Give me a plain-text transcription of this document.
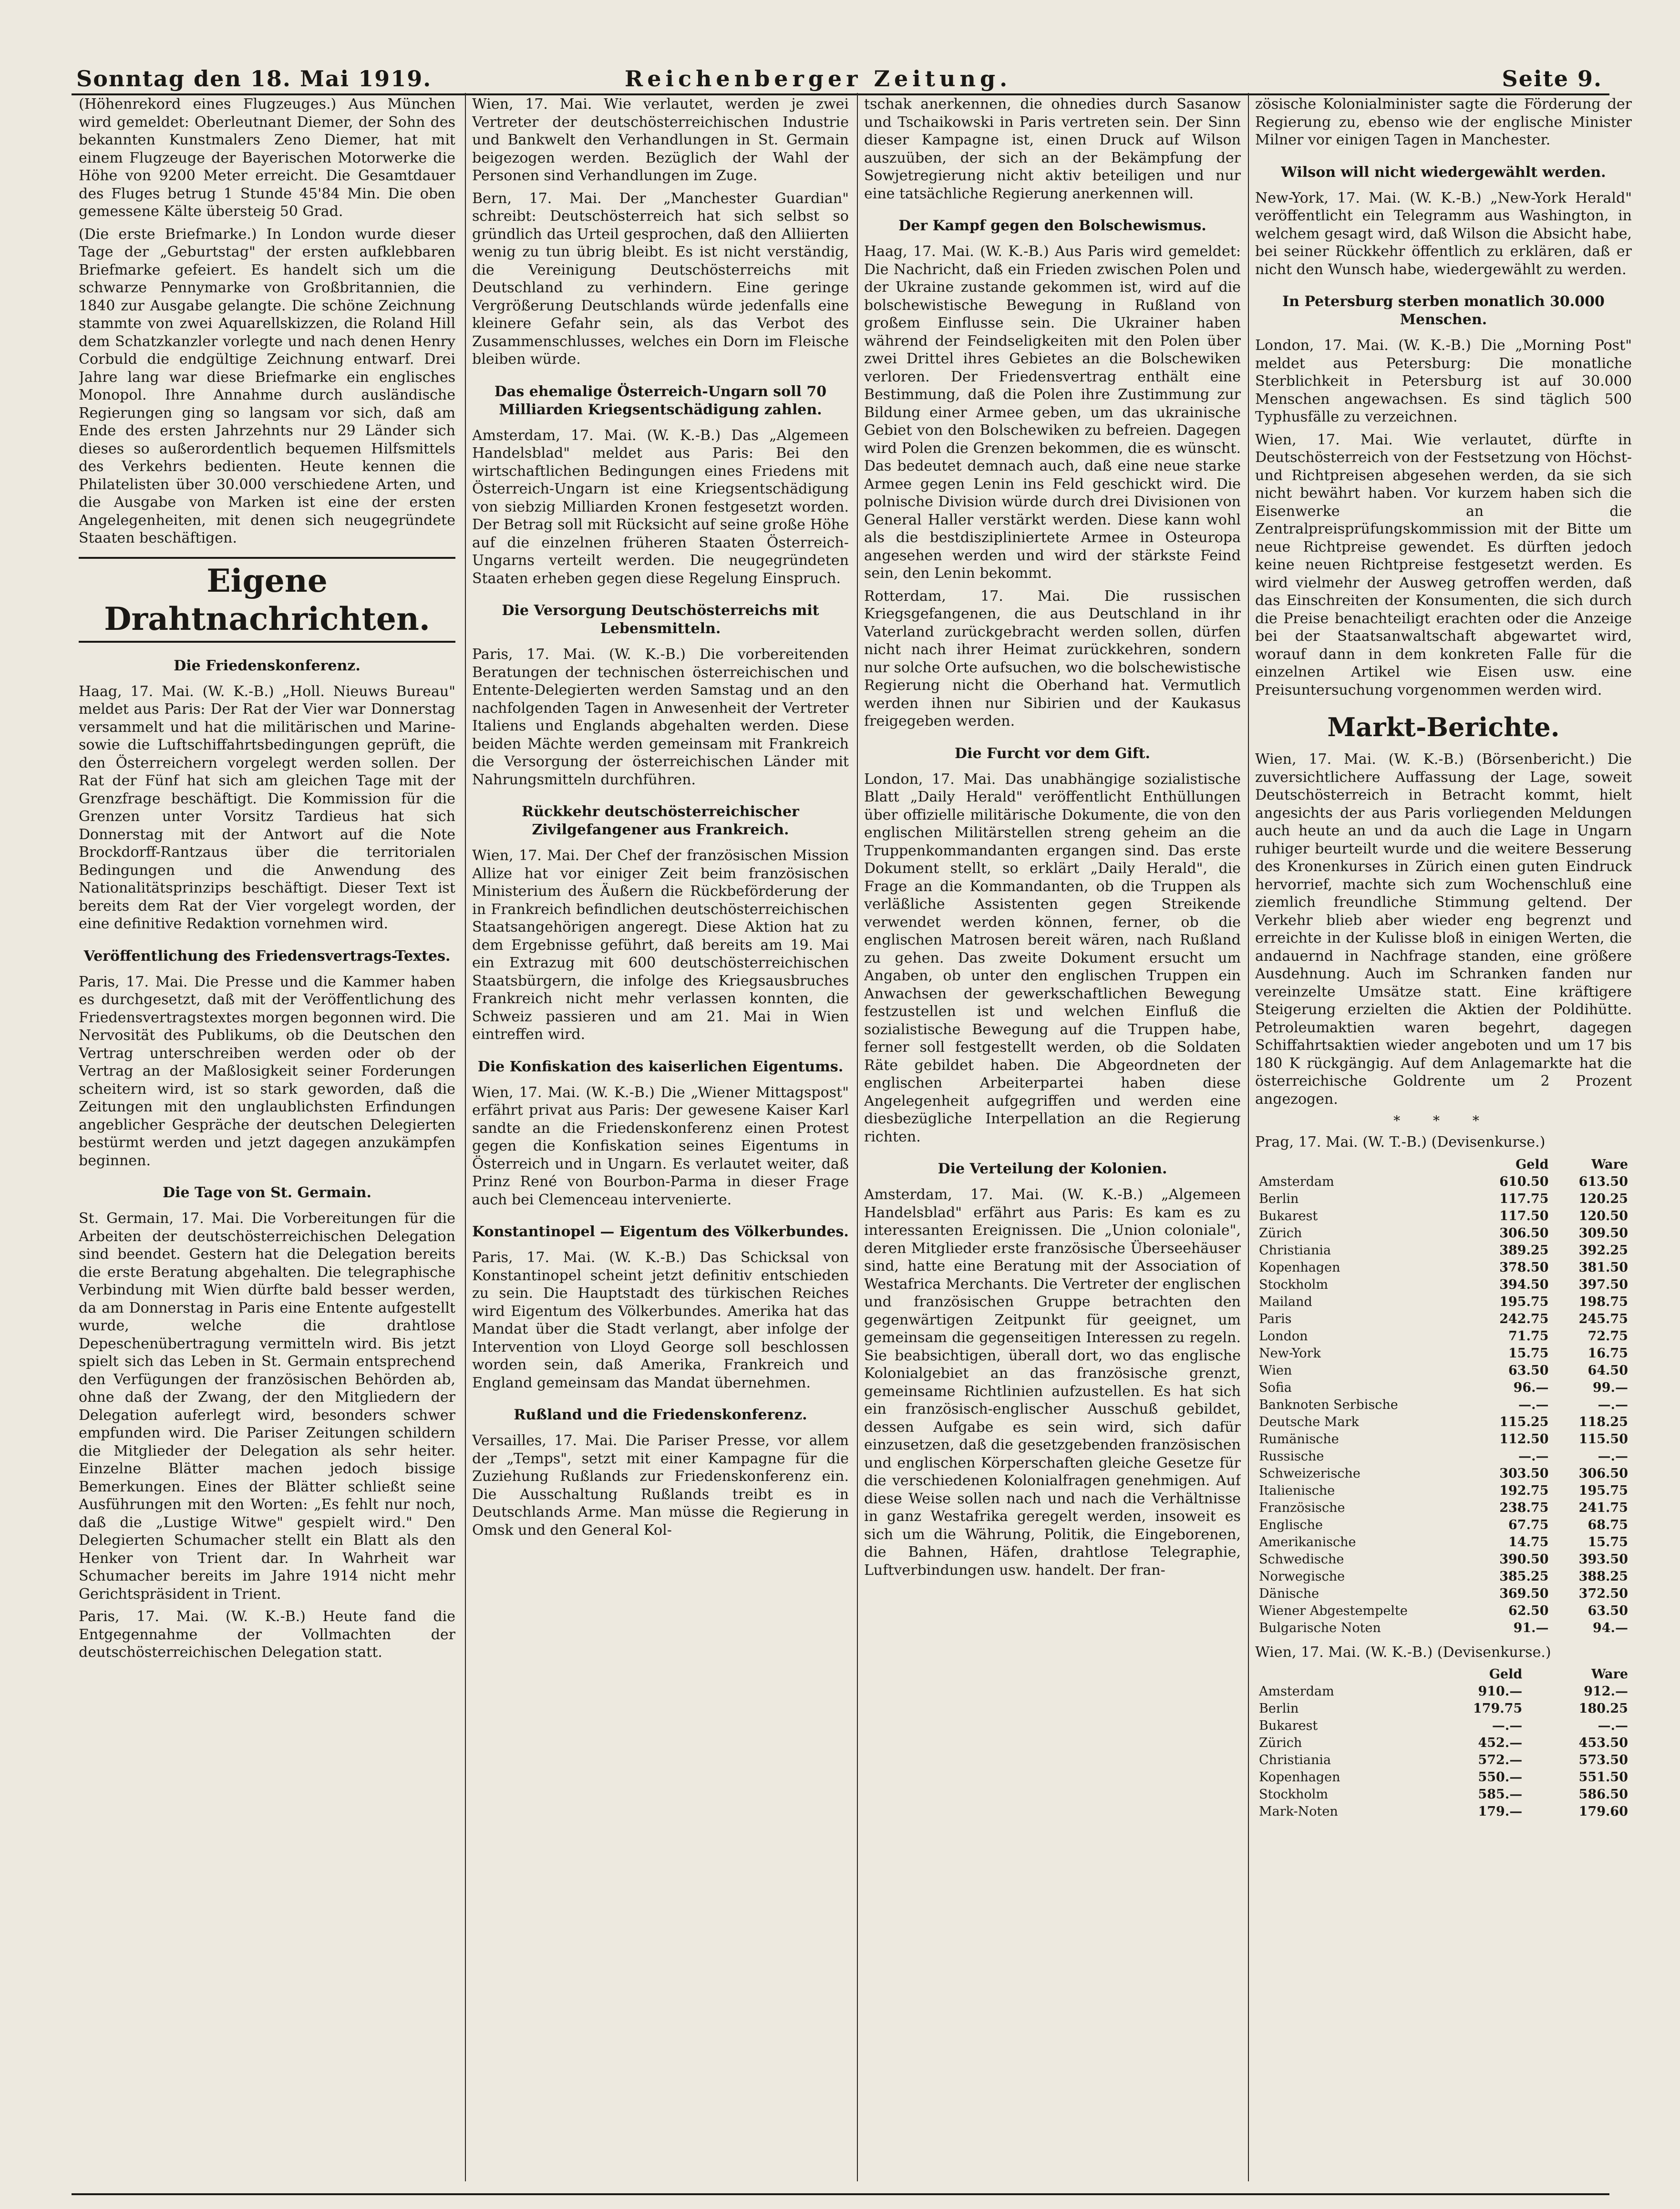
Sonntag den 18. Mai 1919.	Reichenberger Zeitung.	Seite 9.

(Höhenrekord eines Flugzeuges.) Aus München wird gemeldet: Oberleutnant Diemer, der Sohn des bekannten Kunstmalers Zeno Diemer, hat mit einem Flugzeuge der Bayerischen Motorwerke die Höhe von 9200 Meter erreicht. Die Gesamtdauer des Fluges betrug 1 Stunde 45'84 Min. Die oben gemessene Kälte übersteig 50 Grad.

(Die erste Briefmarke.) In London wurde dieser Tage der „Geburtstag" der ersten aufklebbaren Briefmarke gefeiert. Es handelt sich um die schwarze Pennymarke von Großbritannien, die 1840 zur Ausgabe gelangte. Die schöne Zeichnung stammte von zwei Aquarellskizzen, die Roland Hill dem Schatzkanzler vorlegte und nach denen Henry Corbuld die endgültige Zeichnung entwarf. Drei Jahre lang war diese Briefmarke ein englisches Monopol. Ihre Annahme durch ausländische Regierungen ging so langsam vor sich, daß am Ende des ersten Jahrzehnts nur 29 Länder sich dieses so außerordentlich bequemen Hilfsmittels des Verkehrs bedienten. Heute kennen die Philatelisten über 30.000 verschiedene Arten, und die Ausgabe von Marken ist eine der ersten Angelegenheiten, mit denen sich neugegründete Staaten beschäftigen.

Eigene Drahtnachrichten.
Die Friedenskonferenz.

Haag, 17. Mai. (W. K.-B.) „Holl. Nieuws Bureau" meldet aus Paris: Der Rat der Vier war Donnerstag versammelt und hat die militärischen und Marine- sowie die Luftschiffahrtsbedingungen geprüft, die den Österreichern vorgelegt werden sollen. Der Rat der Fünf hat sich am gleichen Tage mit der Grenzfrage beschäftigt. Die Kommission für die Grenzen unter Vorsitz Tardieus hat sich Donnerstag mit der Antwort auf die Note Brockdorff-Rantzaus über die territorialen Bedingungen und die Anwendung des Nationalitätsprinzips beschäftigt. Dieser Text ist bereits dem Rat der Vier vorgelegt worden, der eine definitive Redaktion vornehmen wird.

Veröffentlichung des Friedensvertrags-Textes.

Paris, 17. Mai. Die Presse und die Kammer haben es durchgesetzt, daß mit der Veröffentlichung des Friedensvertragstextes morgen begonnen wird. Die Nervosität des Publikums, ob die Deutschen den Vertrag unterschreiben werden oder ob der Vertrag an der Maßlosigkeit seiner Forderungen scheitern wird, ist so stark geworden, daß die Zeitungen mit den unglaublichsten Erfindungen angeblicher Gespräche der deutschen Delegierten bestürmt werden und jetzt dagegen anzukämpfen beginnen.

Die Tage von St. Germain.

St. Germain, 17. Mai. Die Vorbereitungen für die Arbeiten der deutschösterreichischen Delegation sind beendet. Gestern hat die Delegation bereits die erste Beratung abgehalten. Die telegraphische Verbindung mit Wien dürfte bald besser werden, da am Donnerstag in Paris eine Entente aufgestellt wurde, welche die drahtlose Depeschenübertragung vermitteln wird. Bis jetzt spielt sich das Leben in St. Germain entsprechend den Verfügungen der französischen Behörden ab, ohne daß der Zwang, der den Mitgliedern der Delegation auferlegt wird, besonders schwer empfunden wird. Die Pariser Zeitungen schildern die Mitglieder der Delegation als sehr heiter. Einzelne Blätter machen jedoch bissige Bemerkungen. Eines der Blätter schließt seine Ausführungen mit den Worten: „Es fehlt nur noch, daß die „Lustige Witwe" gespielt wird." Den Delegierten Schumacher stellt ein Blatt als den Henker von Trient dar. In Wahrheit war Schumacher bereits im Jahre 1914 nicht mehr Gerichtspräsident in Trient.

Paris, 17. Mai. (W. K.-B.) Heute fand die Entgegennahme der Vollmachten der deutschösterreichischen Delegation statt.

Wien, 17. Mai. Wie verlautet, werden je zwei Vertreter der deutschösterreichischen Industrie und Bankwelt den Verhandlungen in St. Germain beigezogen werden. Bezüglich der Wahl der Personen sind Verhandlungen im Zuge.

Bern, 17. Mai. Der „Manchester Guardian" schreibt: Deutschösterreich hat sich selbst so gründlich das Urteil gesprochen, daß den Alliierten wenig zu tun übrig bleibt. Es ist nicht verständig, die Vereinigung Deutschösterreichs mit Deutschland zu verhindern. Eine geringe Vergrößerung Deutschlands würde jedenfalls eine kleinere Gefahr sein, als das Verbot des Zusammenschlusses, welches ein Dorn im Fleische bleiben würde.

Das ehemalige Österreich-Ungarn soll 70 Milliarden Kriegsentschädigung zahlen.

Amsterdam, 17. Mai. (W. K.-B.) Das „Algemeen Handelsblad" meldet aus Paris: Bei den wirtschaftlichen Bedingungen eines Friedens mit Österreich-Ungarn ist eine Kriegsentschädigung von siebzig Milliarden Kronen festgesetzt worden. Der Betrag soll mit Rücksicht auf seine große Höhe auf die einzelnen früheren Staaten Österreich-Ungarns verteilt werden. Die neugegründeten Staaten erheben gegen diese Regelung Einspruch.

Die Versorgung Deutschösterreichs mit Lebensmitteln.

Paris, 17. Mai. (W. K.-B.) Die vorbereitenden Beratungen der technischen österreichischen und Entente-Delegierten werden Samstag und an den nachfolgenden Tagen in Anwesenheit der Vertreter Italiens und Englands abgehalten werden. Diese beiden Mächte werden gemeinsam mit Frankreich die Versorgung der österreichischen Länder mit Nahrungsmitteln durchführen.

Rückkehr deutschösterreichischer Zivilgefangener aus Frankreich.

Wien, 17. Mai. Der Chef der französischen Mission Allize hat vor einiger Zeit beim französischen Ministerium des Äußern die Rückbeförderung der in Frankreich befindlichen deutschösterreichischen Staatsangehörigen angeregt. Diese Aktion hat zu dem Ergebnisse geführt, daß bereits am 19. Mai ein Extrazug mit 600 deutschösterreichischen Staatsbürgern, die infolge des Kriegsausbruches Frankreich nicht mehr verlassen konnten, die Schweiz passieren und am 21. Mai in Wien eintreffen wird.

Die Konfiskation des kaiserlichen Eigentums.

Wien, 17. Mai. (W. K.-B.) Die „Wiener Mittagspost" erfährt privat aus Paris: Der gewesene Kaiser Karl sandte an die Friedenskonferenz einen Protest gegen die Konfiskation seines Eigentums in Österreich und in Ungarn. Es verlautet weiter, daß Prinz René von Bourbon-Parma in dieser Frage auch bei Clemenceau intervenierte.

Konstantinopel — Eigentum des Völkerbundes.

Paris, 17. Mai. (W. K.-B.) Das Schicksal von Konstantinopel scheint jetzt definitiv entschieden zu sein. Die Hauptstadt des türkischen Reiches wird Eigentum des Völkerbundes. Amerika hat das Mandat über die Stadt verlangt, aber infolge der Intervention von Lloyd George soll beschlossen worden sein, daß Amerika, Frankreich und England gemeinsam das Mandat übernehmen.

Rußland und die Friedenskonferenz.

Versailles, 17. Mai. Die Pariser Presse, vor allem der „Temps", setzt mit einer Kampagne für die Zuziehung Rußlands zur Friedenskonferenz ein. Die Ausschaltung Rußlands treibt es in Deutschlands Arme. Man müsse die Regierung in Omsk und den General Kol-

tschak anerkennen, die ohnedies durch Sasanow und Tschaikowski in Paris vertreten sein. Der Sinn dieser Kampagne ist, einen Druck auf Wilson auszuüben, der sich an der Bekämpfung der Sowjetregierung nicht aktiv beteiligen und nur eine tatsächliche Regierung anerkennen will.

Der Kampf gegen den Bolschewismus.

Haag, 17. Mai. (W. K.-B.) Aus Paris wird gemeldet: Die Nachricht, daß ein Frieden zwischen Polen und der Ukraine zustande gekommen ist, wird auf die bolschewistische Bewegung in Rußland von großem Einflusse sein. Die Ukrainer haben während der Feindseligkeiten mit den Polen über zwei Drittel ihres Gebietes an die Bolschewiken verloren. Der Friedensvertrag enthält eine Bestimmung, daß die Polen ihre Zustimmung zur Bildung einer Armee geben, um das ukrainische Gebiet von den Bolschewiken zu befreien. Dagegen wird Polen die Grenzen bekommen, die es wünscht. Das bedeutet demnach auch, daß eine neue starke Armee gegen Lenin ins Feld geschickt wird. Die polnische Division würde durch drei Divisionen von General Haller verstärkt werden. Diese kann wohl als die bestdiszipliniertete Armee in Osteuropa angesehen werden und wird der stärkste Feind sein, den Lenin bekommt.

Rotterdam, 17. Mai. Die russischen Kriegsgefangenen, die aus Deutschland in ihr Vaterland zurückgebracht werden sollen, dürfen nicht nach ihrer Heimat zurückkehren, sondern nur solche Orte aufsuchen, wo die bolschewistische Regierung nicht die Oberhand hat. Vermutlich werden ihnen nur Sibirien und der Kaukasus freigegeben werden.

Die Furcht vor dem Gift.

London, 17. Mai. Das unabhängige sozialistische Blatt „Daily Herald" veröffentlicht Enthüllungen über offizielle militärische Dokumente, die von den englischen Militärstellen streng geheim an die Truppenkommandanten ergangen sind. Das erste Dokument stellt, so erklärt „Daily Herald", die Frage an die Kommandanten, ob die Truppen als verläßliche Assistenten gegen Streikende verwendet werden können, ferner, ob die englischen Matrosen bereit wären, nach Rußland zu gehen. Das zweite Dokument ersucht um Angaben, ob unter den englischen Truppen ein Anwachsen der gewerkschaftlichen Bewegung festzustellen ist und welchen Einfluß die sozialistische Bewegung auf die Truppen habe, ferner soll festgestellt werden, ob die Soldaten Räte gebildet haben. Die Abgeordneten der englischen Arbeiterpartei haben diese Angelegenheit aufgegriffen und werden eine diesbezügliche Interpellation an die Regierung richten.

Die Verteilung der Kolonien.

Amsterdam, 17. Mai. (W. K.-B.) „Algemeen Handelsblad" erfährt aus Paris: Es kam es zu interessanten Ereignissen. Die „Union coloniale", deren Mitglieder erste französische Überseehäuser sind, hatte eine Beratung mit der Association of Westafrica Merchants. Die Vertreter der englischen und französischen Gruppe betrachten den gegenwärtigen Zeitpunkt für geeignet, um gemeinsam die gegenseitigen Interessen zu regeln. Sie beabsichtigen, überall dort, wo das englische Kolonialgebiet an das französische grenzt, gemeinsame Richtlinien aufzustellen. Es hat sich ein französisch-englischer Ausschuß gebildet, dessen Aufgabe es sein wird, sich dafür einzusetzen, daß die gesetzgebenden französischen und englischen Körperschaften gleiche Gesetze für die verschiedenen Kolonialfragen genehmigen. Auf diese Weise sollen nach und nach die Verhältnisse in ganz Westafrika geregelt werden, insoweit es sich um die Währung, Politik, die Eingeborenen, die Bahnen, Häfen, drahtlose Telegraphie, Luftverbindungen usw. handelt. Der fran-

zösische Kolonialminister sagte die Förderung der Regierung zu, ebenso wie der englische Minister Milner vor einigen Tagen in Manchester.

Wilson will nicht wiedergewählt werden.

New-York, 17. Mai. (W. K.-B.) „New-York Herald" veröffentlicht ein Telegramm aus Washington, in welchem gesagt wird, daß Wilson die Absicht habe, bei seiner Rückkehr öffentlich zu erklären, daß er nicht den Wunsch habe, wiedergewählt zu werden.

In Petersburg sterben monatlich 30.000 Menschen.

London, 17. Mai. (W. K.-B.) Die „Morning Post" meldet aus Petersburg: Die monatliche Sterblichkeit in Petersburg ist auf 30.000 Menschen angewachsen. Es sind täglich 500 Typhusfälle zu verzeichnen.

Wien, 17. Mai. Wie verlautet, dürfte in Deutschösterreich von der Festsetzung von Höchst- und Richtpreisen abgesehen werden, da sie sich nicht bewährt haben. Vor kurzem haben sich die Eisenwerke an die Zentralpreisprüfungskommission mit der Bitte um neue Richtpreise gewendet. Es dürften jedoch keine neuen Richtpreise festgesetzt werden. Es wird vielmehr der Ausweg getroffen werden, daß das Einschreiten der Konsumenten, die sich durch die Preise benachteiligt erachten oder die Anzeige bei der Staatsanwaltschaft abgewartet wird, worauf dann in dem konkreten Falle für die einzelnen Artikel wie Eisen usw. eine Preisuntersuchung vorgenommen werden wird.

Markt-Berichte.

Wien, 17. Mai. (W. K.-B.) (Börsenbericht.) Die zuversichtlichere Auffassung der Lage, soweit Deutschösterreich in Betracht kommt, hielt angesichts der aus Paris vorliegenden Meldungen auch heute an und da auch die Lage in Ungarn ruhiger beurteilt wurde und die weitere Besserung des Kronenkurses in Zürich einen guten Eindruck hervorrief, machte sich zum Wochenschluß eine ziemlich freundliche Stimmung geltend. Der Verkehr blieb aber wieder eng begrenzt und erreichte in der Kulisse bloß in einigen Werten, die andauernd in Nachfrage standen, eine größere Ausdehnung. Auch im Schranken fanden nur vereinzelte Umsätze statt. Eine kräftigere Steigerung erzielten die Aktien der Poldihütte. Petroleumaktien waren begehrt, dagegen Schiffahrtsaktien wieder angeboten und um 17 bis 180 K rückgängig. Auf dem Anlagemarkte hat die österreichische Goldrente um 2 Prozent angezogen.

* * *

Prag, 17. Mai. (W. T.-B.) (Devisenkurse.)

	Geld	Ware
Amsterdam	610.50	613.50
Berlin	117.75	120.25
Bukarest	117.50	120.50
Zürich	306.50	309.50
Christiania	389.25	392.25
Kopenhagen	378.50	381.50
Stockholm	394.50	397.50
Mailand	195.75	198.75
Paris	242.75	245.75
London	71.75	72.75
New-York	15.75	16.75
Wien	63.50	64.50
Sofia	96.—	99.—
Banknoten Serbische	—.—	—.—
Deutsche Mark	115.25	118.25
Rumänische	112.50	115.50
Russische	—.—	—.—
Schweizerische	303.50	306.50
Italienische	192.75	195.75
Französische	238.75	241.75
Englische	67.75	68.75
Amerikanische	14.75	15.75
Schwedische	390.50	393.50
Norwegische	385.25	388.25
Dänische	369.50	372.50
Wiener Abgestempelte	62.50	63.50
Bulgarische Noten	91.—	94.—

Wien, 17. Mai. (W. K.-B.) (Devisenkurse.)

	Geld	Ware
Amsterdam	910.—	912.—
Berlin	179.75	180.25
Bukarest	—.—	—.—
Zürich	452.—	453.50
Christiania	572.—	573.50
Kopenhagen	550.—	551.50
Stockholm	585.—	586.50
Mark-Noten	179.—	179.60
